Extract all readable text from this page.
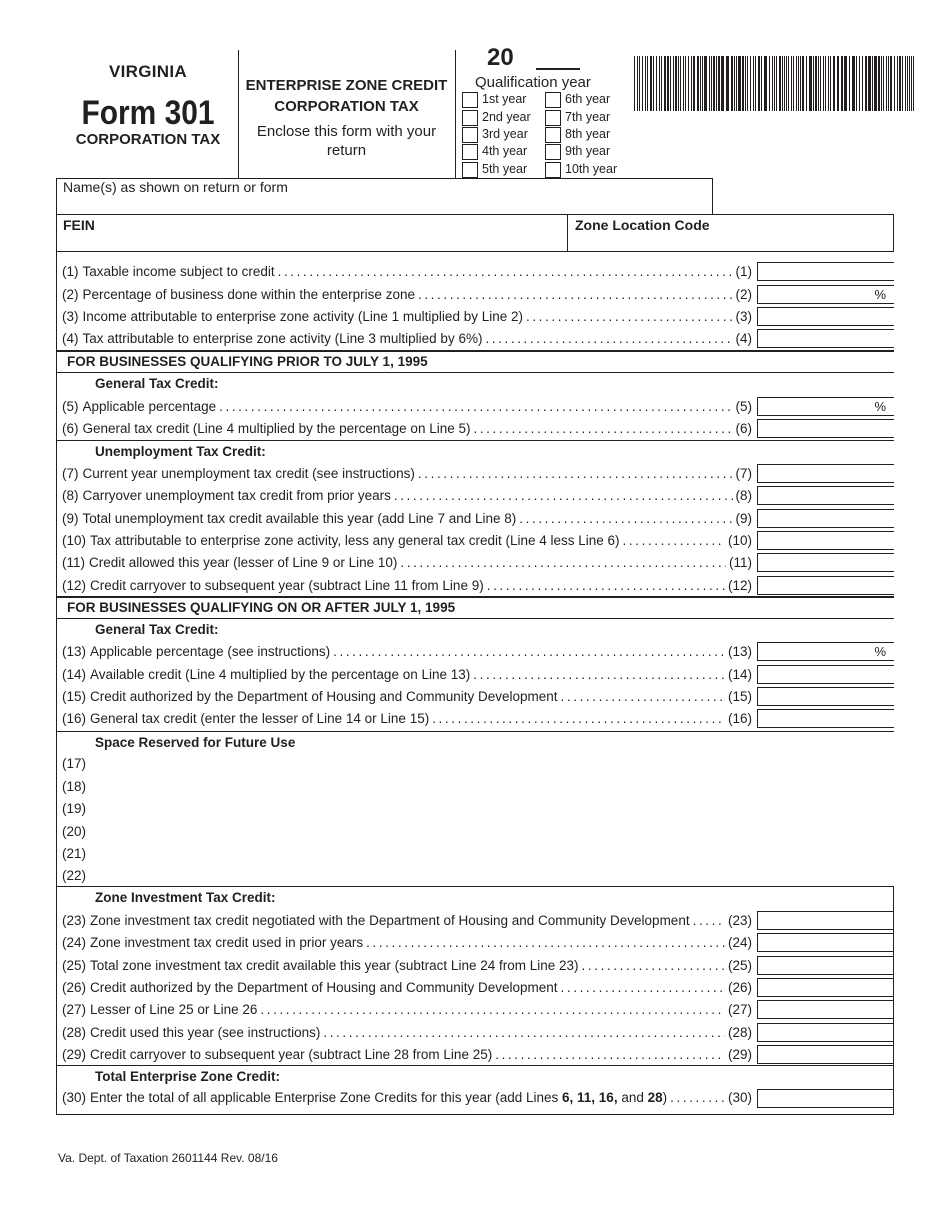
VIRGINIA
Form 301
CORPORATION TAX
ENTERPRISE ZONE CREDIT
CORPORATION TAX
Enclose this form with your return
20
Qualification year
1st year	6th year
2nd year	7th year
3rd year	8th year
4th year	9th year
5th year	10th year
Name(s) as shown on return or form
FEIN	Zone Location Code
FOR BUSINESSES QUALIFYING PRIOR TO JULY 1, 1995
General Tax Credit:
Unemployment Tax Credit:
FOR BUSINESSES QUALIFYING ON OR AFTER JULY 1, 1995
General Tax Credit:
Space Reserved for Future Use
Zone Investment Tax Credit:
Total Enterprise Zone Credit:
(1) Taxable income subject to credit .....	(1)
(2) Percentage of business done within the enterprise zone .....	(2)	%
(3) Income attributable to enterprise zone activity (Line 1 multiplied by Line 2) .....	(3)
(4) Tax attributable to enterprise zone activity (Line 3 multiplied by 6%) .....	(4)
(5) Applicable percentage .....	(5)	%
(6) General tax credit (Line 4 multiplied by the percentage on Line 5) .....	(6)
(7) Current year unemployment tax credit (see instructions) .....	(7)
(8) Carryover unemployment tax credit from prior years .....	(8)
(9) Total unemployment tax credit available this year (add Line 7 and Line 8) .....	(9)
(10) Tax attributable to enterprise zone activity, less any general tax credit (Line 4 less Line 6) .....	(10)
(11) Credit allowed this year (lesser of Line 9 or Line 10) .....	(11)
(12) Credit carryover to subsequent year (subtract Line 11 from Line 9) .....	(12)
(13) Applicable percentage (see instructions) .....	(13)	%
(14) Available credit (Line 4 multiplied by the percentage on Line 13) .....	(14)
(15) Credit authorized by the Department of Housing and Community Development .....	(15)
(16) General tax credit (enter the lesser of Line 14 or Line 15) .....	(16)
(23) Zone investment tax credit negotiated with the Department of Housing and Community Development .....	(23)
(24) Zone investment tax credit used in prior years .....	(24)
(25) Total zone investment tax credit available this year (subtract Line 24 from Line 23) .....	(25)
(26) Credit authorized by the Department of Housing and Community Development .....	(26)
(27) Lesser of Line 25 or Line 26 .....	(27)
(28) Credit used this year (see instructions) .....	(28)
(29) Credit carryover to subsequent year (subtract Line 28 from Line 25) .....	(29)
(17)
(18)
(19)
(20)
(21)
(22)
(30) Enter the total of all applicable Enterprise Zone Credits for this year (add Lines 6, 11, 16, and 28) .....	(30)
Va. Dept. of Taxation 2601144 Rev. 08/16
